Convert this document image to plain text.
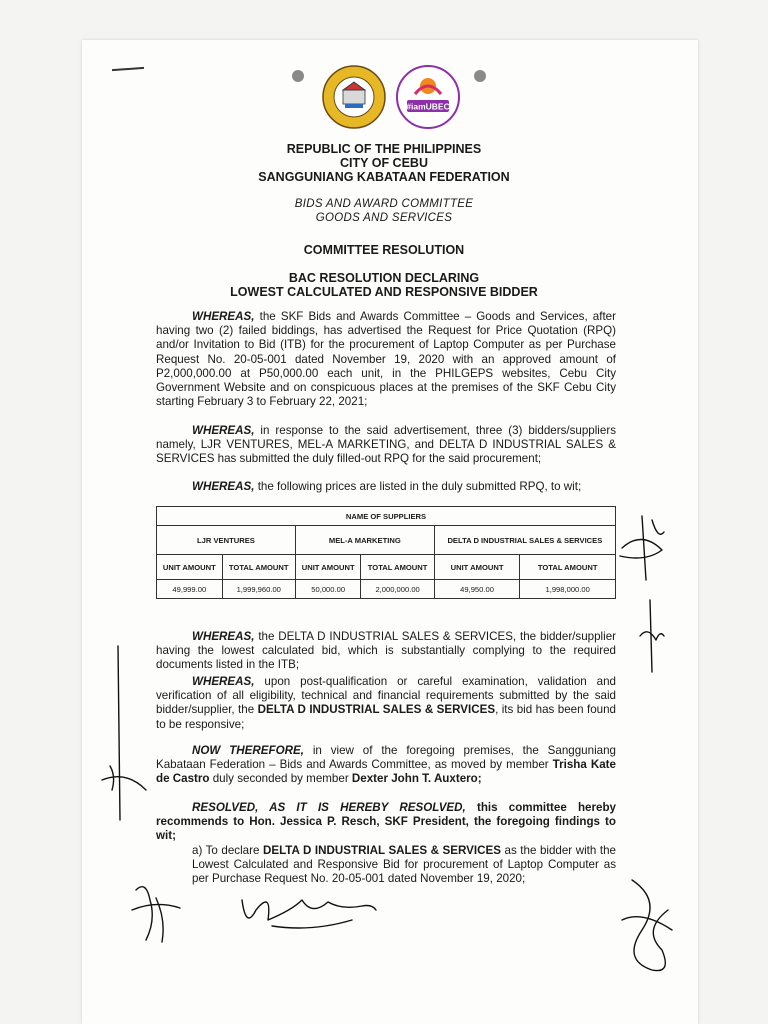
#iamUBEC
REPUBLIC OF THE PHILIPPINES
CITY OF CEBU
SANGGUNIANG KABATAAN FEDERATION
BIDS AND AWARD COMMITTEE
GOODS AND SERVICES
COMMITTEE RESOLUTION
BAC RESOLUTION DECLARING
LOWEST CALCULATED AND RESPONSIVE BIDDER
WHEREAS, the SKF Bids and Awards Committee – Goods and Services, after having two (2) failed biddings, has advertised the Request for Price Quotation (RPQ) and/or Invitation to Bid (ITB) for the procurement of Laptop Computer as per Purchase Request No. 20-05-001 dated November 19, 2020 with an approved amount of P2,000,000.00 at P50,000.00 each unit, in the PHILGEPS websites, Cebu City Government Website and on conspicuous places at the premises of the SKF Cebu City starting February 3 to February 22, 2021;
WHEREAS, in response to the said advertisement, three (3) bidders/suppliers namely, LJR VENTURES, MEL-A MARKETING, and DELTA D INDUSTRIAL SALES & SERVICES has submitted the duly filled-out RPQ for the said procurement;
WHEREAS, the following prices are listed in the duly submitted RPQ, to wit;
NAME OF SUPPLIERS					
LJR VENTURES		MEL-A MARKETING		DELTA D INDUSTRIAL SALES & SERVICES	
UNIT AMOUNT	TOTAL AMOUNT	UNIT AMOUNT	TOTAL AMOUNT	UNIT AMOUNT	TOTAL AMOUNT
49,999.00	1,999,960.00	50,000.00	2,000,000.00	49,950.00	1,998,000.00
WHEREAS, the DELTA D INDUSTRIAL SALES & SERVICES, the bidder/supplier having the lowest calculated bid, which is substantially complying to the required documents listed in the ITB;
WHEREAS, upon post-qualification or careful examination, validation and verification of all eligibility, technical and financial requirements submitted by the said bidder/supplier, the DELTA D INDUSTRIAL SALES & SERVICES, its bid has been found to be responsive;
NOW THEREFORE, in view of the foregoing premises, the Sangguniang Kabataan Federation – Bids and Awards Committee, as moved by member Trisha Kate de Castro duly seconded by member Dexter John T. Auxtero;
RESOLVED, AS IT IS HEREBY RESOLVED, this committee hereby recommends to Hon. Jessica P. Resch, SKF President, the foregoing findings to wit;
a) To declare DELTA D INDUSTRIAL SALES & SERVICES as the bidder with the Lowest Calculated and Responsive Bid for procurement of Laptop Computer as per Purchase Request No. 20-05-001 dated November 19, 2020;
